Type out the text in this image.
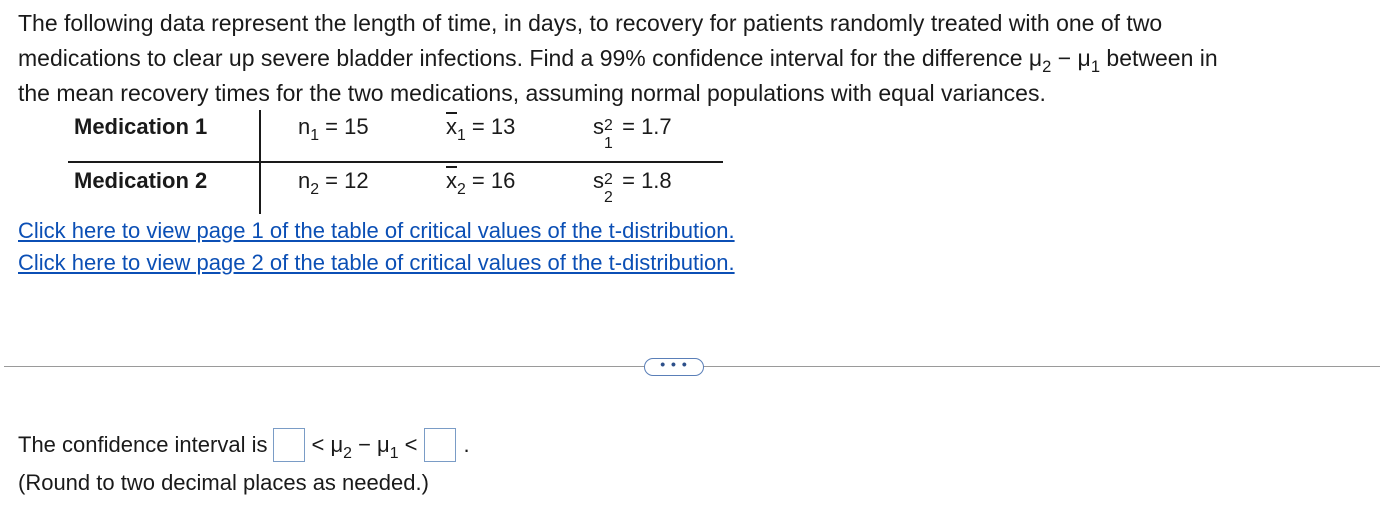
The following data represent the length of time, in days, to recovery for patients randomly treated with one of two
medications to clear up severe bladder infections. Find a 99% confidence interval for the difference $\mu_2 - \mu_1$ between in
the mean recovery times for the two medications, assuming normal populations with equal variances.
Medication 1	$n_1 = 15$	$\overline{x}_1 = 13$	s 2
1
= 1.7
Medication 2	$n_2 = 12$	$\overline{x}_2 = 16$	s 2
2
= 1.8
Click here to view page 1 of the table of critical values of the t-distribution.
Click here to view page 2 of the table of critical values of the t-distribution.
• • •
The confidence interval is < $\mu_2 - \mu_1$ < .
(Round to two decimal places as needed.)
